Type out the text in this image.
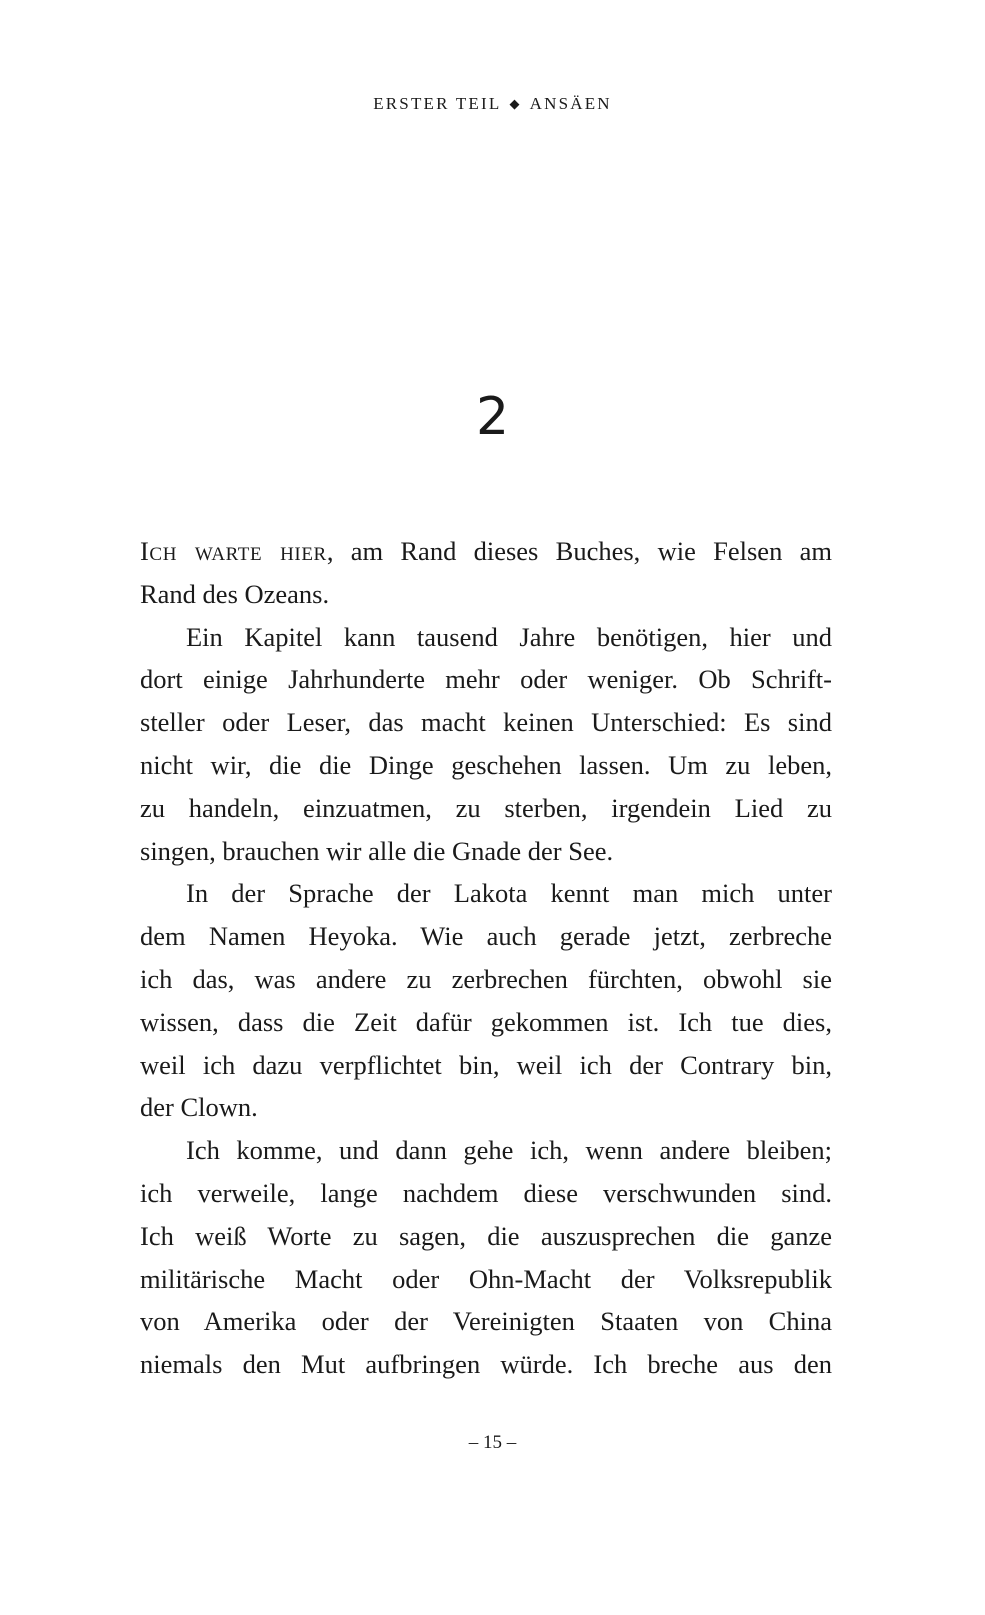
ERSTER TEIL ◆ ANSÄEN
2
Ich warte hier, am Rand dieses Buches, wie Felsen am
Rand des Ozeans.
Ein Kapitel kann tausend Jahre benötigen, hier und
dort einige Jahrhunderte mehr oder weniger. Ob Schrift-
steller oder Leser, das macht keinen Unterschied: Es sind
nicht wir, die die Dinge geschehen lassen. Um zu leben,
zu handeln, einzuatmen, zu sterben, irgendein Lied zu
singen, brauchen wir alle die Gnade der See.
In der Sprache der Lakota kennt man mich unter
dem Namen Heyoka. Wie auch gerade jetzt, zerbreche
ich das, was andere zu zerbrechen fürchten, obwohl sie
wissen, dass die Zeit dafür gekommen ist. Ich tue dies,
weil ich dazu verpflichtet bin, weil ich der Contrary bin,
der Clown.
Ich komme, und dann gehe ich, wenn andere bleiben;
ich verweile, lange nachdem diese verschwunden sind.
Ich weiß Worte zu sagen, die auszusprechen die ganze
militärische Macht oder Ohn-Macht der Volksrepublik
von Amerika oder der Vereinigten Staaten von China
niemals den Mut aufbringen würde. Ich breche aus den
– 15 –
